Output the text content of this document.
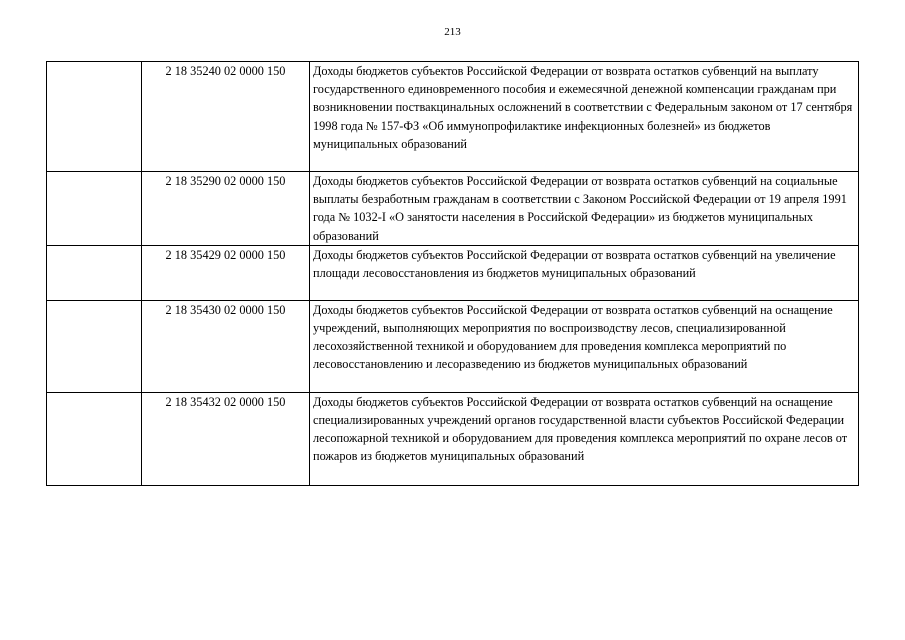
213
	2 18 35240 02 0000 150	Доходы бюджетов субъектов Российской Федерации от возврата остатков субвенций на выплату государственного единовременного пособия и ежемесячной денежной компенсации гражданам при возникновении поствакцинальных осложнений в соответствии с Федеральным законом от 17 сентября 1998 года № 157-ФЗ «Об иммунопрофилактике инфекционных болезней» из бюджетов муниципальных образований
	2 18 35290 02 0000 150	Доходы бюджетов субъектов Российской Федерации от возврата остатков субвенций на социальные выплаты безработным гражданам в соответствии с Законом Российской Федерации от 19 апреля 1991 года № 1032-I «О занятости населения в Российской Федерации» из бюджетов муниципальных образований
	2 18 35429 02 0000 150	Доходы бюджетов субъектов Российской Федерации от возврата остатков субвенций на увеличение площади лесовосстановления из бюджетов муниципальных образований
	2 18 35430 02 0000 150	Доходы бюджетов субъектов Российской Федерации от возврата остатков субвенций на оснащение учреждений, выполняющих мероприятия по воспроизводству лесов, специализированной лесохозяйственной техникой и оборудованием для проведения комплекса мероприятий по лесовосстановлению и лесоразведению из бюджетов муниципальных образований
	2 18 35432 02 0000 150	Доходы бюджетов субъектов Российской Федерации от возврата остатков субвенций на оснащение специализированных учреждений органов государственной власти субъектов Российской Федерации лесопожарной техникой и оборудованием для проведения комплекса мероприятий по охране лесов от пожаров из бюджетов муниципальных образований
